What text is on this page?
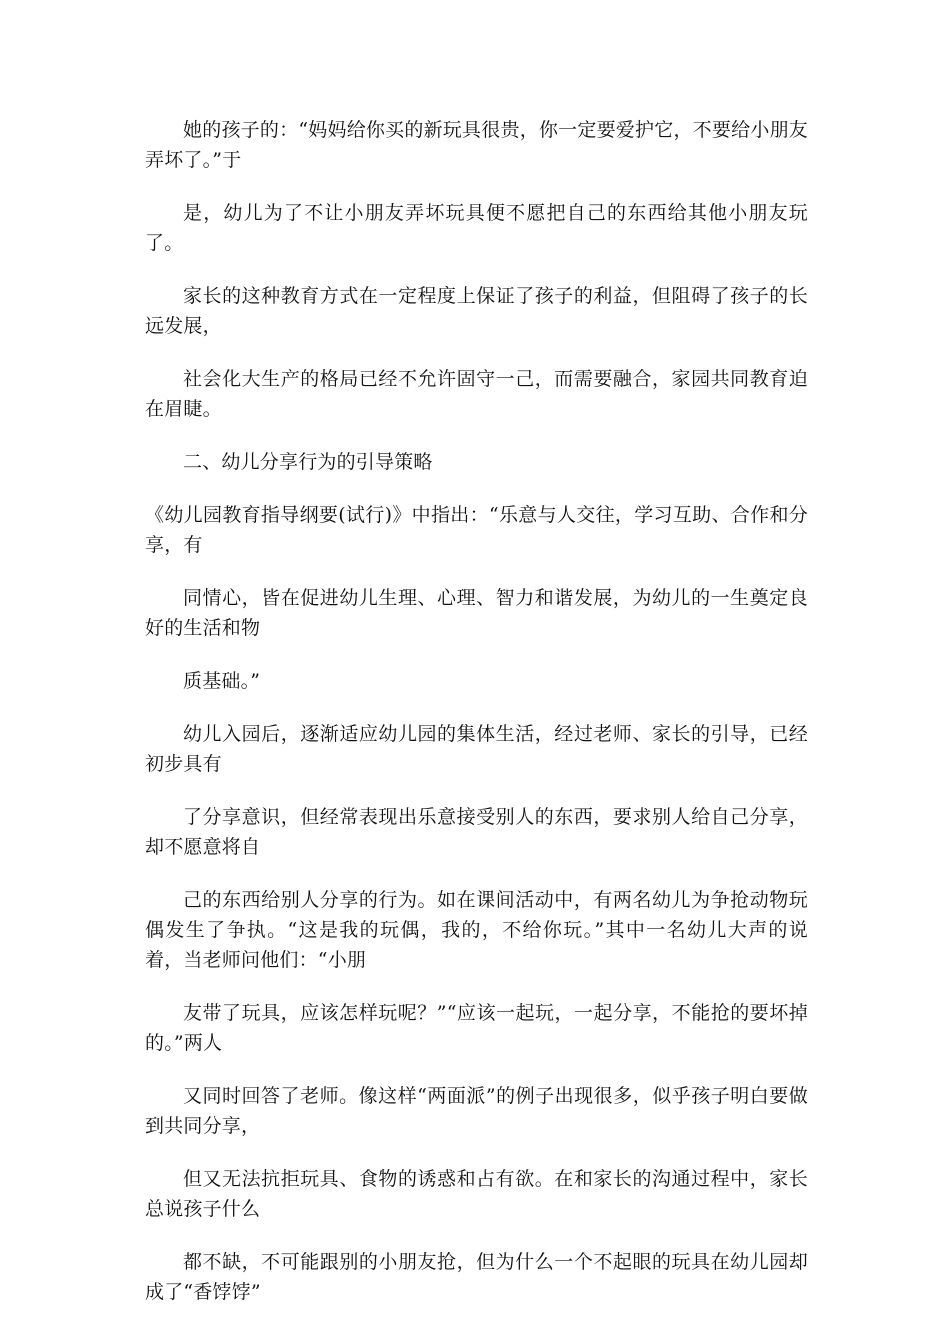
她的孩子的：“妈妈给你买的新玩具很贵，你一定要爱护它，不要给小朋友弄坏了。”于

是，幼儿为了不让小朋友弄坏玩具便不愿把自己的东西给其他小朋友玩了。

家长的这种教育方式在一定程度上保证了孩子的利益，但阻碍了孩子的长远发展，

社会化大生产的格局已经不允许固守一己，而需要融合，家园共同教育迫在眉睫。

二、幼儿分享行为的引导策略

《幼儿园教育指导纲要(试行)》中指出：“乐意与人交往，学习互助、合作和分享，有

同情心，皆在促进幼儿生理、心理、智力和谐发展，为幼儿的一生奠定良好的生活和物

质基础。”

幼儿入园后，逐渐适应幼儿园的集体生活，经过老师、家长的引导，已经初步具有

了分享意识，但经常表现出乐意接受别人的东西，要求别人给自己分享，却不愿意将自

己的东西给别人分享的行为。如在课间活动中，有两名幼儿为争抢动物玩偶发生了争执。“这是我的玩偶，我的，不给你玩。”其中一名幼儿大声的说着，当老师问他们：“小朋

友带了玩具，应该怎样玩呢？”“应该一起玩，一起分享，不能抢的要坏掉的。”两人

又同时回答了老师。像这样“两面派”的例子出现很多，似乎孩子明白要做到共同分享，

但又无法抗拒玩具、食物的诱惑和占有欲。在和家长的沟通过程中，家长总说孩子什么

都不缺，不可能跟别的小朋友抢，但为什么一个不起眼的玩具在幼儿园却成了“香饽饽”
